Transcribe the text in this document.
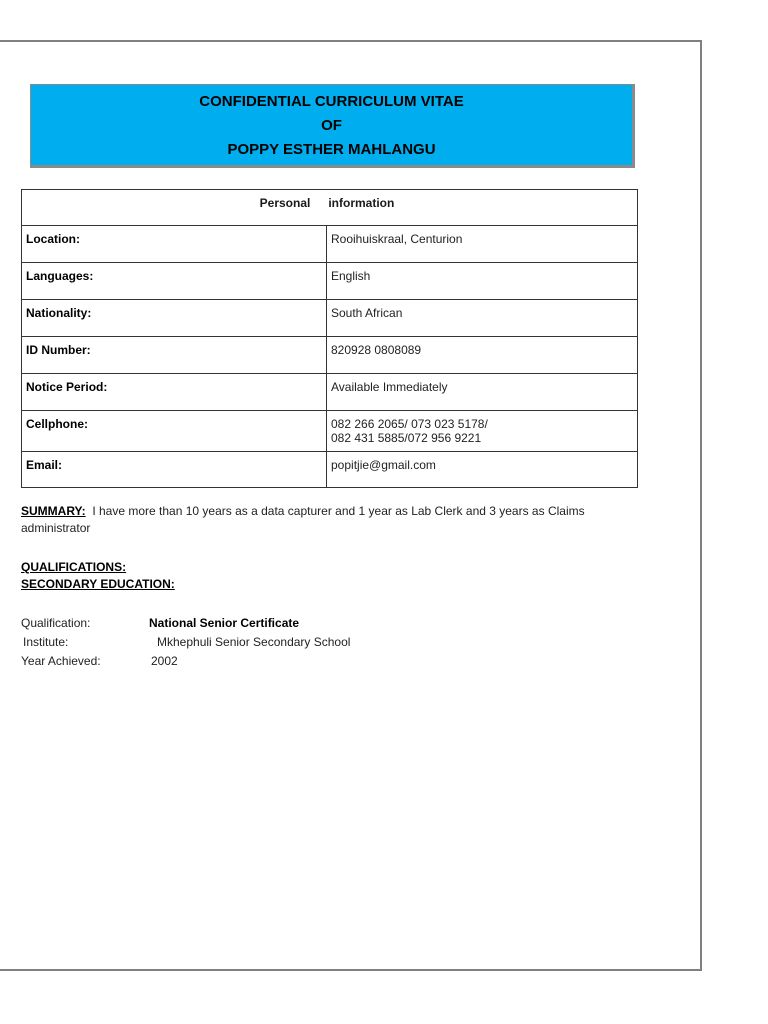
CONFIDENTIAL CURRICULUM VITAE
OF
POPPY ESTHER MAHLANGU
Personal information	
Location:	Rooihuiskraal, Centurion
Languages:	English
Nationality:	South African
ID Number:	820928 0808089
Notice Period:	Available Immediately
Cellphone:	082 266 2065/ 073 023 5178/
082 431 5885/072 956 9221

Email:	popitjie@gmail.com
SUMMARY: I have more than 10 years as a data capturer and 1 year as Lab Clerk and 3 years as Claims administrator
QUALIFICATIONS:
SECONDARY EDUCATION:
Qualification:	National Senior Certificate
Institute:	Mkhephuli Senior Secondary School
Year Achieved:	2002
